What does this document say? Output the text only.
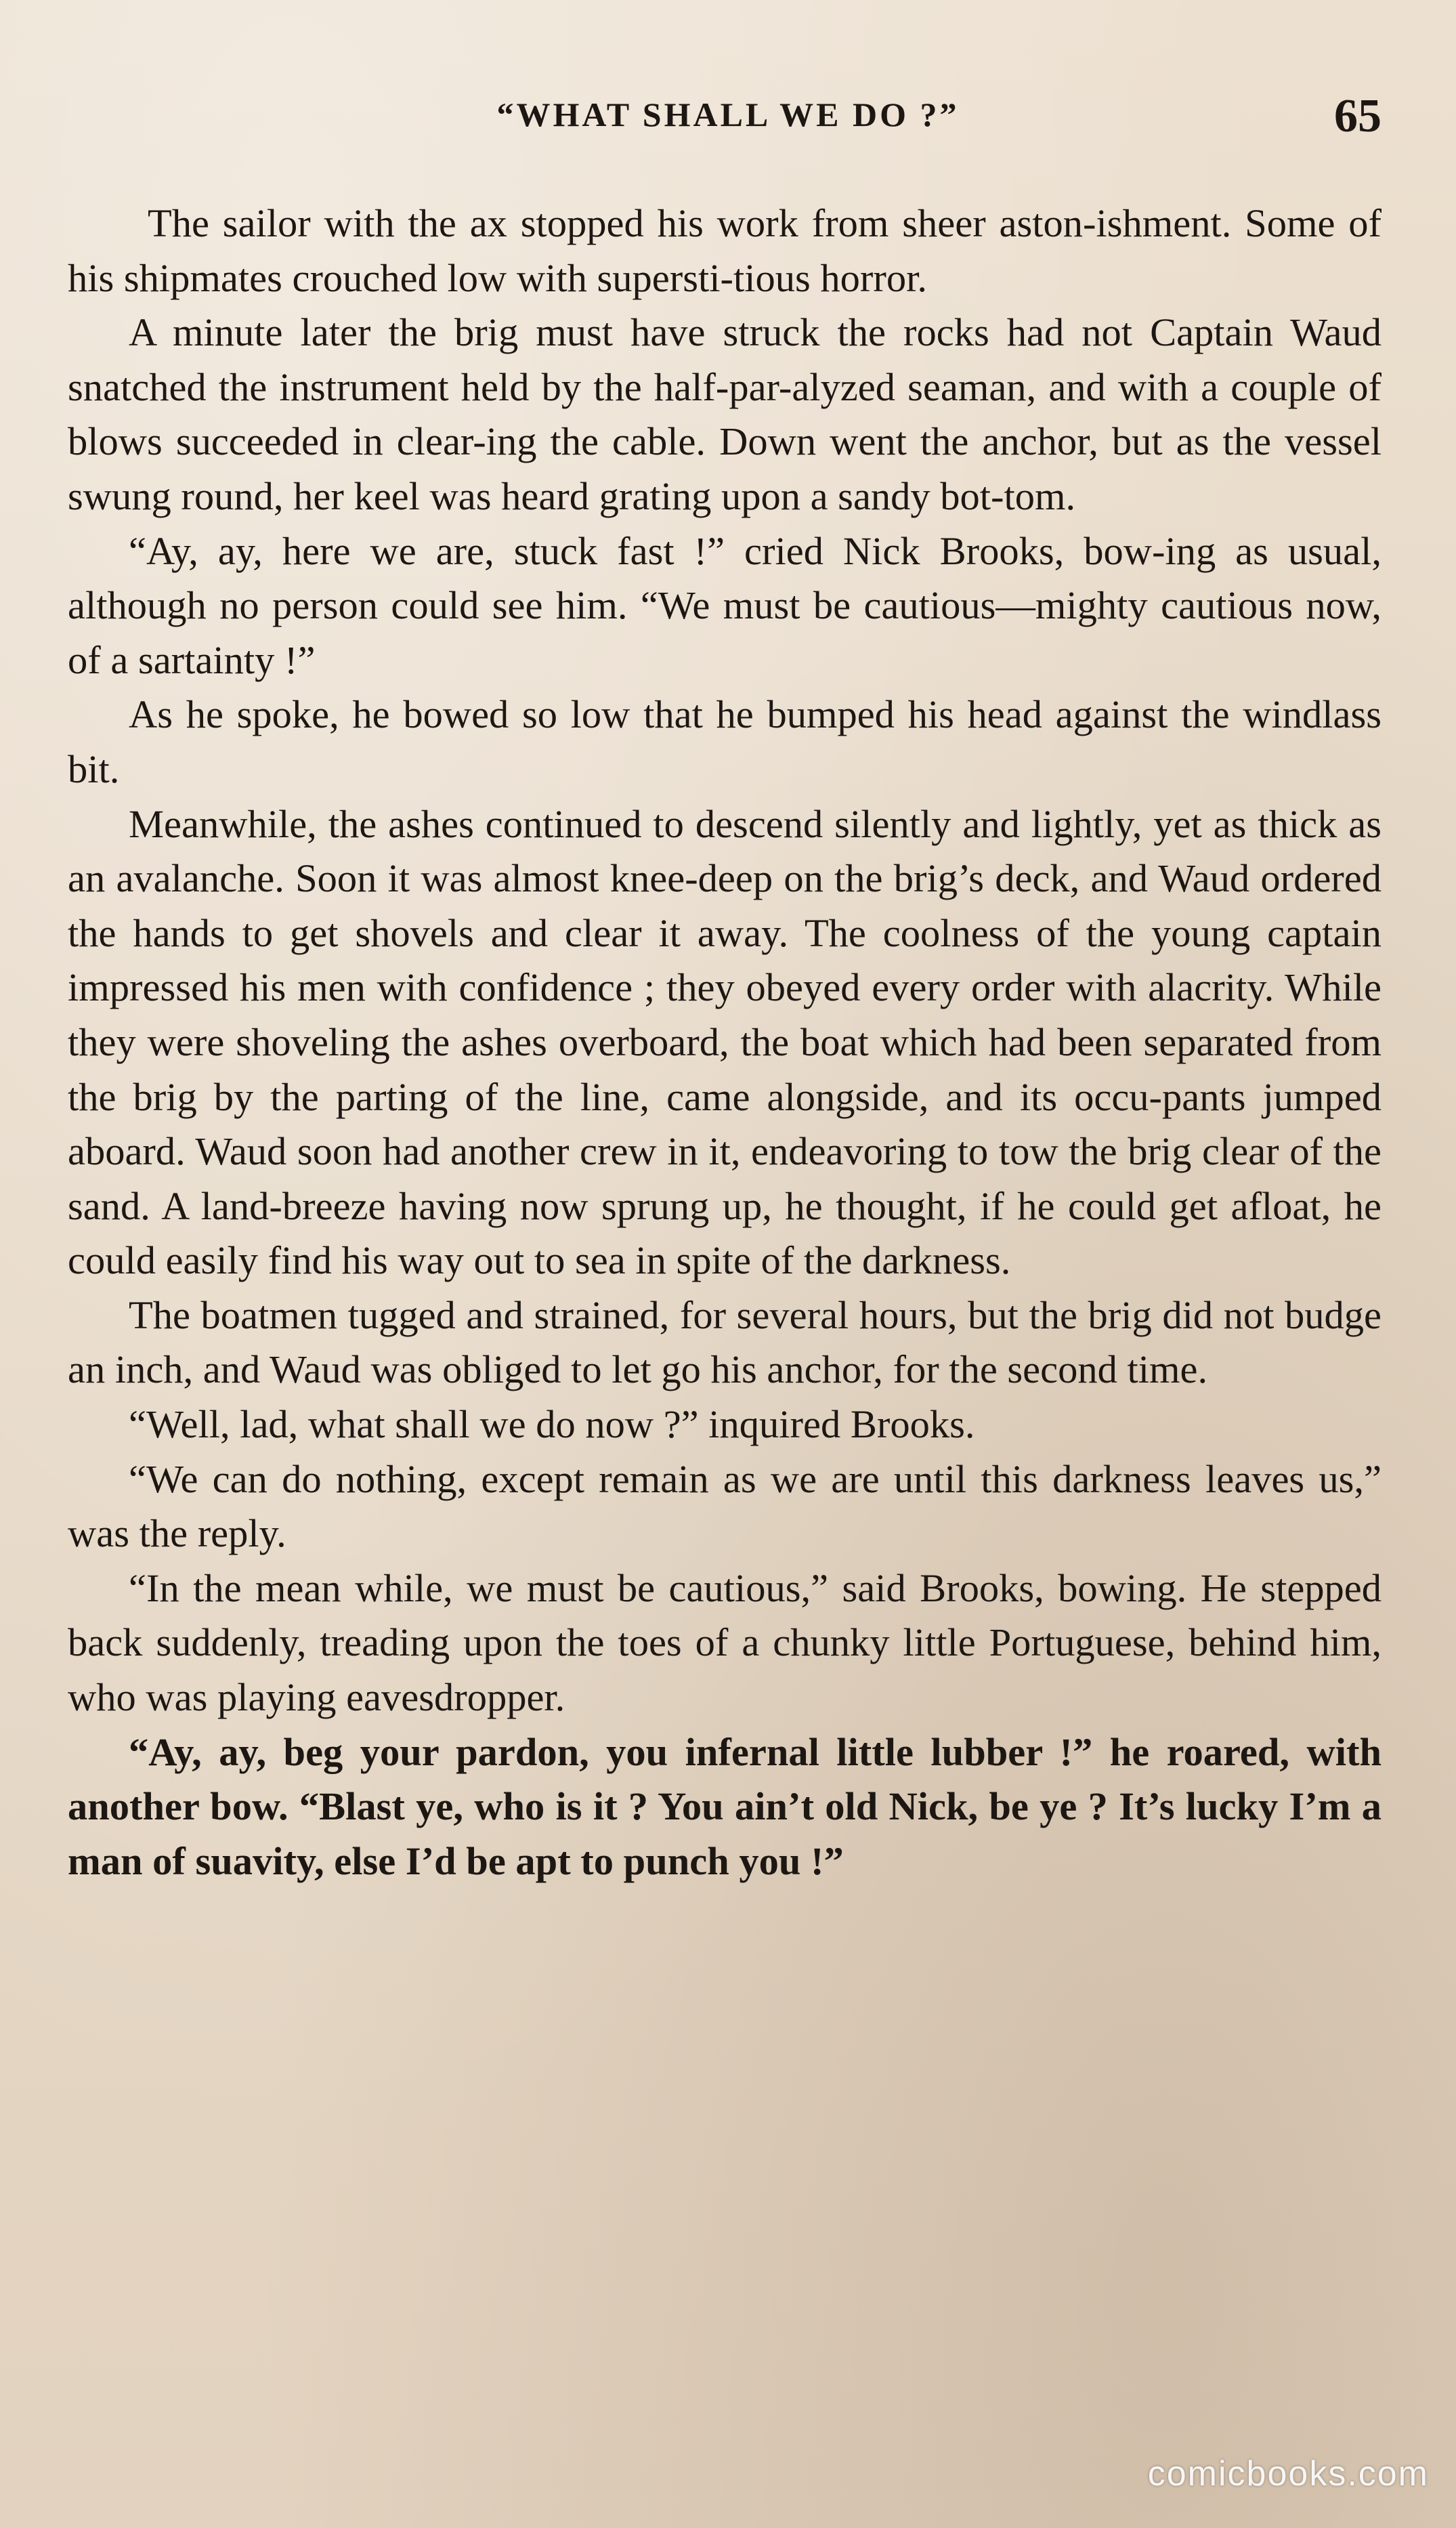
“WHAT SHALL WE DO ?”	65

The sailor with the ax stopped his work from sheer aston-ishment. Some of his shipmates crouched low with supersti-tious horror.

A minute later the brig must have struck the rocks had not Captain Waud snatched the instrument held by the half-par-alyzed seaman, and with a couple of blows succeeded in clear-ing the cable. Down went the anchor, but as the vessel swung round, her keel was heard grating upon a sandy bot-tom.

“Ay, ay, here we are, stuck fast !” cried Nick Brooks, bow-ing as usual, although no person could see him. “We must be cautious—mighty cautious now, of a sartainty !”

As he spoke, he bowed so low that he bumped his head against the windlass bit.

Meanwhile, the ashes continued to descend silently and lightly, yet as thick as an avalanche. Soon it was almost knee-deep on the brig’s deck, and Waud ordered the hands to get shovels and clear it away. The coolness of the young captain impressed his men with confidence ; they obeyed every order with alacrity. While they were shoveling the ashes overboard, the boat which had been separated from the brig by the parting of the line, came alongside, and its occu-pants jumped aboard. Waud soon had another crew in it, endeavoring to tow the brig clear of the sand. A land-breeze having now sprung up, he thought, if he could get afloat, he could easily find his way out to sea in spite of the darkness.

The boatmen tugged and strained, for several hours, but the brig did not budge an inch, and Waud was obliged to let go his anchor, for the second time.

“Well, lad, what shall we do now ?” inquired Brooks.

“We can do nothing, except remain as we are until this darkness leaves us,” was the reply.

“In the mean while, we must be cautious,” said Brooks, bowing. He stepped back suddenly, treading upon the toes of a chunky little Portuguese, behind him, who was playing eavesdropper.

“Ay, ay, beg your pardon, you infernal little lubber !” he roared, with another bow. “Blast ye, who is it ? You ain’t old Nick, be ye ? It’s lucky I’m a man of suavity, else I’d be apt to punch you !”

comicbooks.com
